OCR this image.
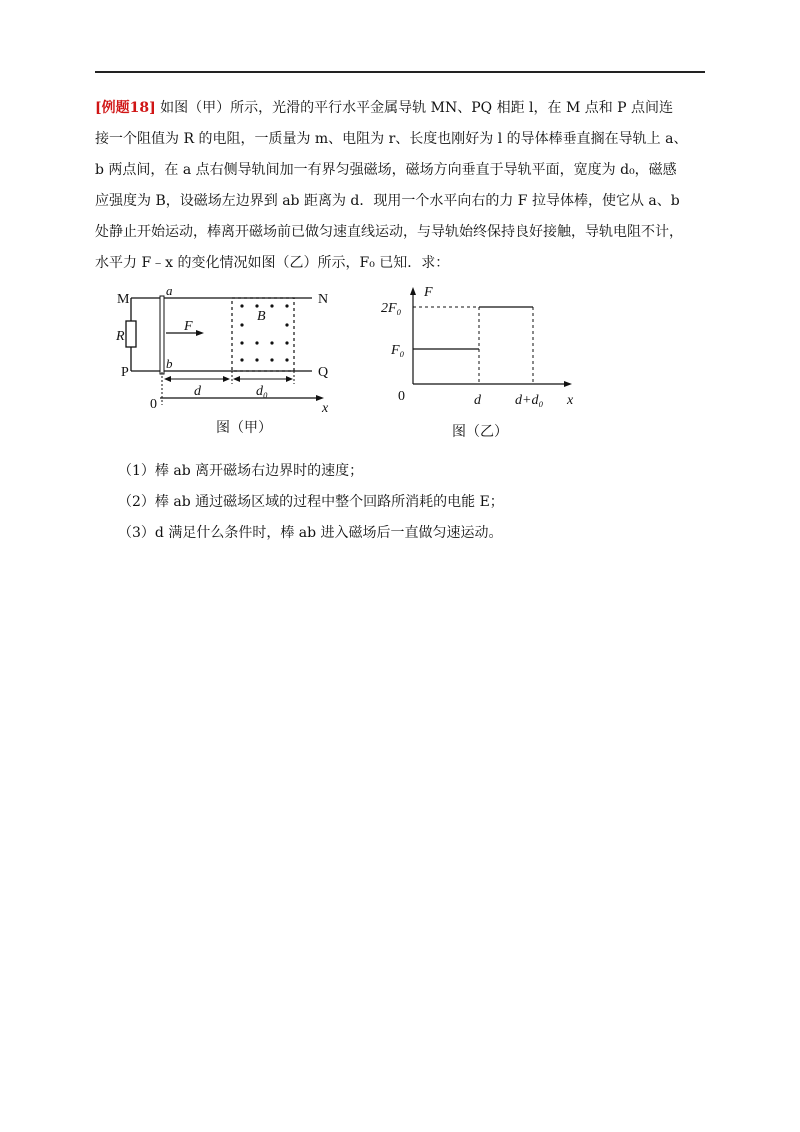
[例题18] 如图（甲）所示，光滑的平行水平金属导轨 MN、PQ 相距 l，在 M 点和 P 点间连
接一个阻值为 R 的电阻，一质量为 m、电阻为 r、长度也刚好为 l 的导体棒垂直搁在导轨上 a、
b 两点间，在 a 点右侧导轨间加一有界匀强磁场，磁场方向垂直于导轨平面，宽度为 d₀，磁感
应强度为 B，设磁场左边界到 ab 距离为 d．现用一个水平向右的力 F 拉导体棒，使它从 a、b
处静止开始运动，棒离开磁场前已做匀速直线运动，与导轨始终保持良好接触，导轨电阻不计，
水平力 F﹣x 的变化情况如图（乙）所示，F₀ 已知．求：
M	N
P	Q
R
a
b
F
B
d	d₀
0	x
图（甲）
F
2F₀
F₀
0	d d+d₀ x
图（乙）
（1）棒 ab 离开磁场右边界时的速度；
（2）棒 ab 通过磁场区域的过程中整个回路所消耗的电能 E；
（3）d 满足什么条件时，棒 ab 进入磁场后一直做匀速运动。
